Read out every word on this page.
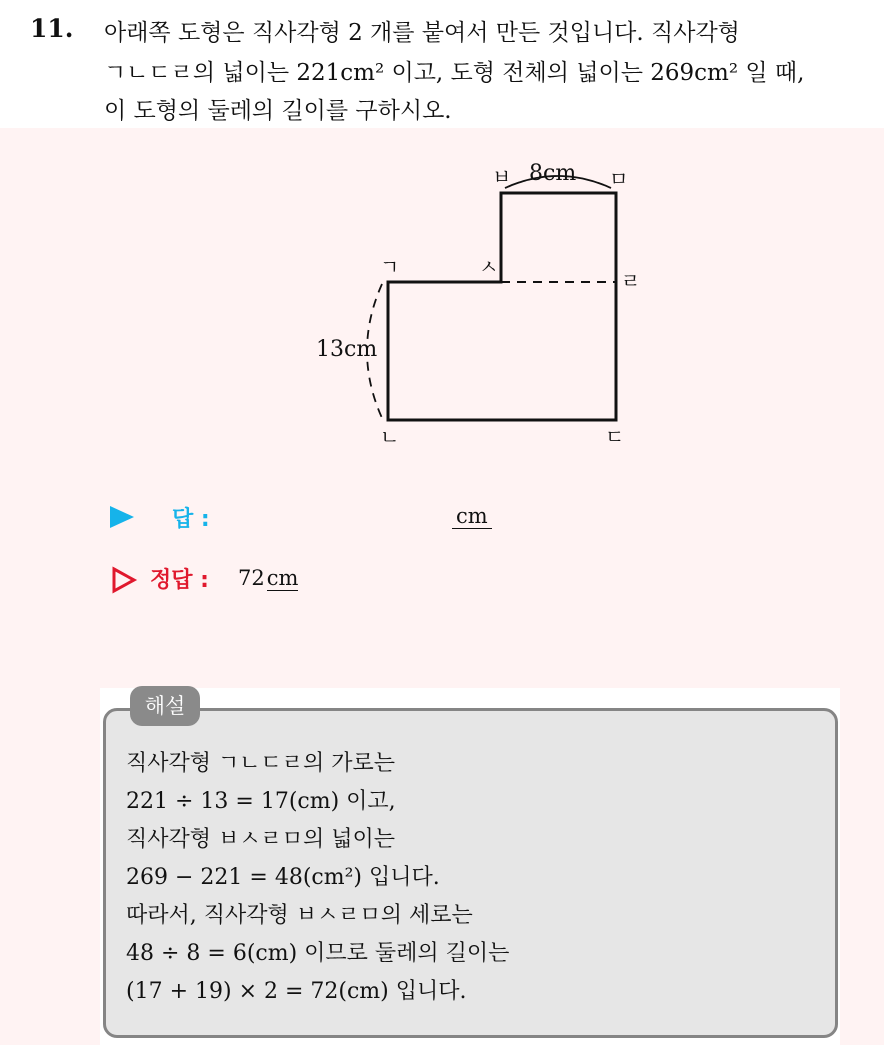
11. 아래쪽 도형은 직사각형 2 개를 붙여서 만든 것입니다. 직사각형
ㄱㄴㄷㄹ의 넓이는 221cm² 이고, 도형 전체의 넓이는 269cm² 일 때,
이 도형의 둘레의 길이를 구하시오.
ㄱ	ㅅ
ㄹ
ㅂ	ㅁ
ㄴ	ㄷ
8cm
13cm
답 :	cm
정답 : 72cm
해설
직사각형 ㄱㄴㄷㄹ의 가로는
221 ÷ 13 = 17(cm) 이고,
직사각형 ㅂㅅㄹㅁ의 넓이는
269 − 221 = 48(cm²) 입니다.
따라서, 직사각형 ㅂㅅㄹㅁ의 세로는
48 ÷ 8 = 6(cm) 이므로 둘레의 길이는
(17 + 19) × 2 = 72(cm) 입니다.
